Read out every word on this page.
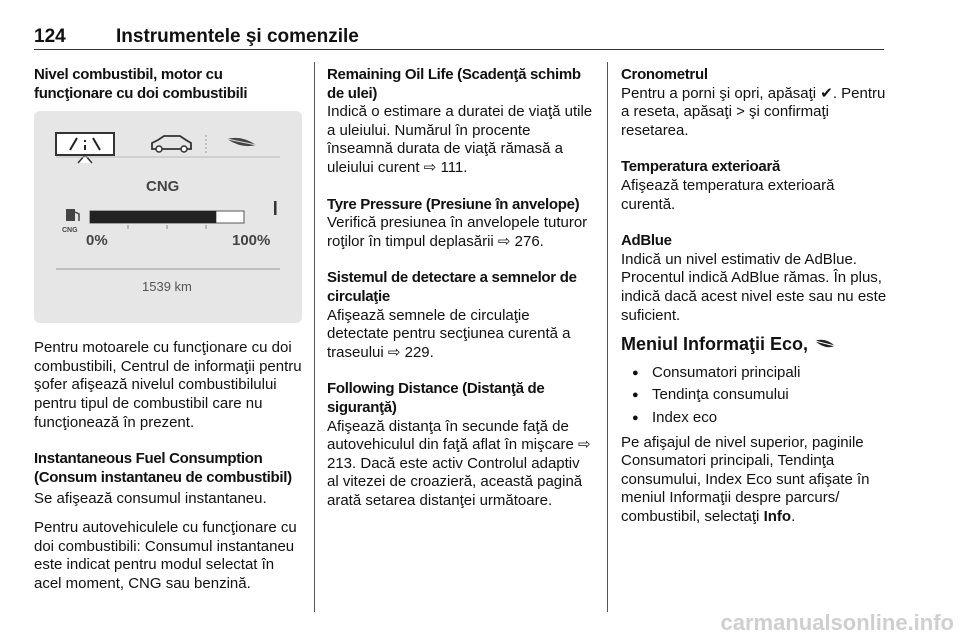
124	Instrumentele şi comenzile
Nivel combustibil, motor cu funcţionare cu doi combustibili
CNG
CNG
0%	100%
1539 km
Pentru motoarele cu funcţionare cu doi combustibili, Centrul de informaţii pentru şofer afişează nivelul combustibilului pentru tipul de combustibil care nu funcţionează în prezent.
Instantaneous Fuel Consumption (Consum instantaneu de combustibil)
Se afişează consumul instantaneu.
Pentru autovehiculele cu funcţionare cu doi combustibili: Consumul instantaneu este indicat pentru modul selectat în acel moment, CNG sau benzină.
Remaining Oil Life (Scadenţă schimb de ulei)
Indică o estimare a duratei de viaţă utile a uleiului. Numărul în procente înseamnă durata de viaţă rămasă a uleiului curent ⇨ 111.
Tyre Pressure (Presiune în anvelope)
Verifică presiunea în anvelopele tuturor roţilor în timpul deplasării ⇨ 276.
Sistemul de detectare a semnelor de circulaţie
Afişează semnele de circulaţie detectate pentru secţiunea curentă a traseului ⇨ 229.
Following Distance (Distanţă de siguranţă)
Afişează distanţa în secunde faţă de autovehiculul din faţă aflat în mişcare ⇨ 213. Dacă este activ Controlul adaptiv al vitezei de croazieră, această pagină arată setarea distanţei următoare.
Cronometrul
Pentru a porni şi opri, apăsaţi ✔. Pentru a reseta, apăsaţi > şi confirmaţi resetarea.
Temperatura exterioară
Afişează temperatura exterioară curentă.
AdBlue
Indică un nivel estimativ de AdBlue. Procentul indică AdBlue rămas. În plus, indică dacă acest nivel este sau nu este suficient.
Meniul Informaţii Eco,
● Consumatori principali
● Tendinţa consumului
● Index eco
Pe afişajul de nivel superior, paginile Consumatori principali, Tendinţa consumului, Index Eco sunt afişate în meniul Informaţii despre parcurs/ combustibil, selectaţi Info.
carmanualsonline.info
